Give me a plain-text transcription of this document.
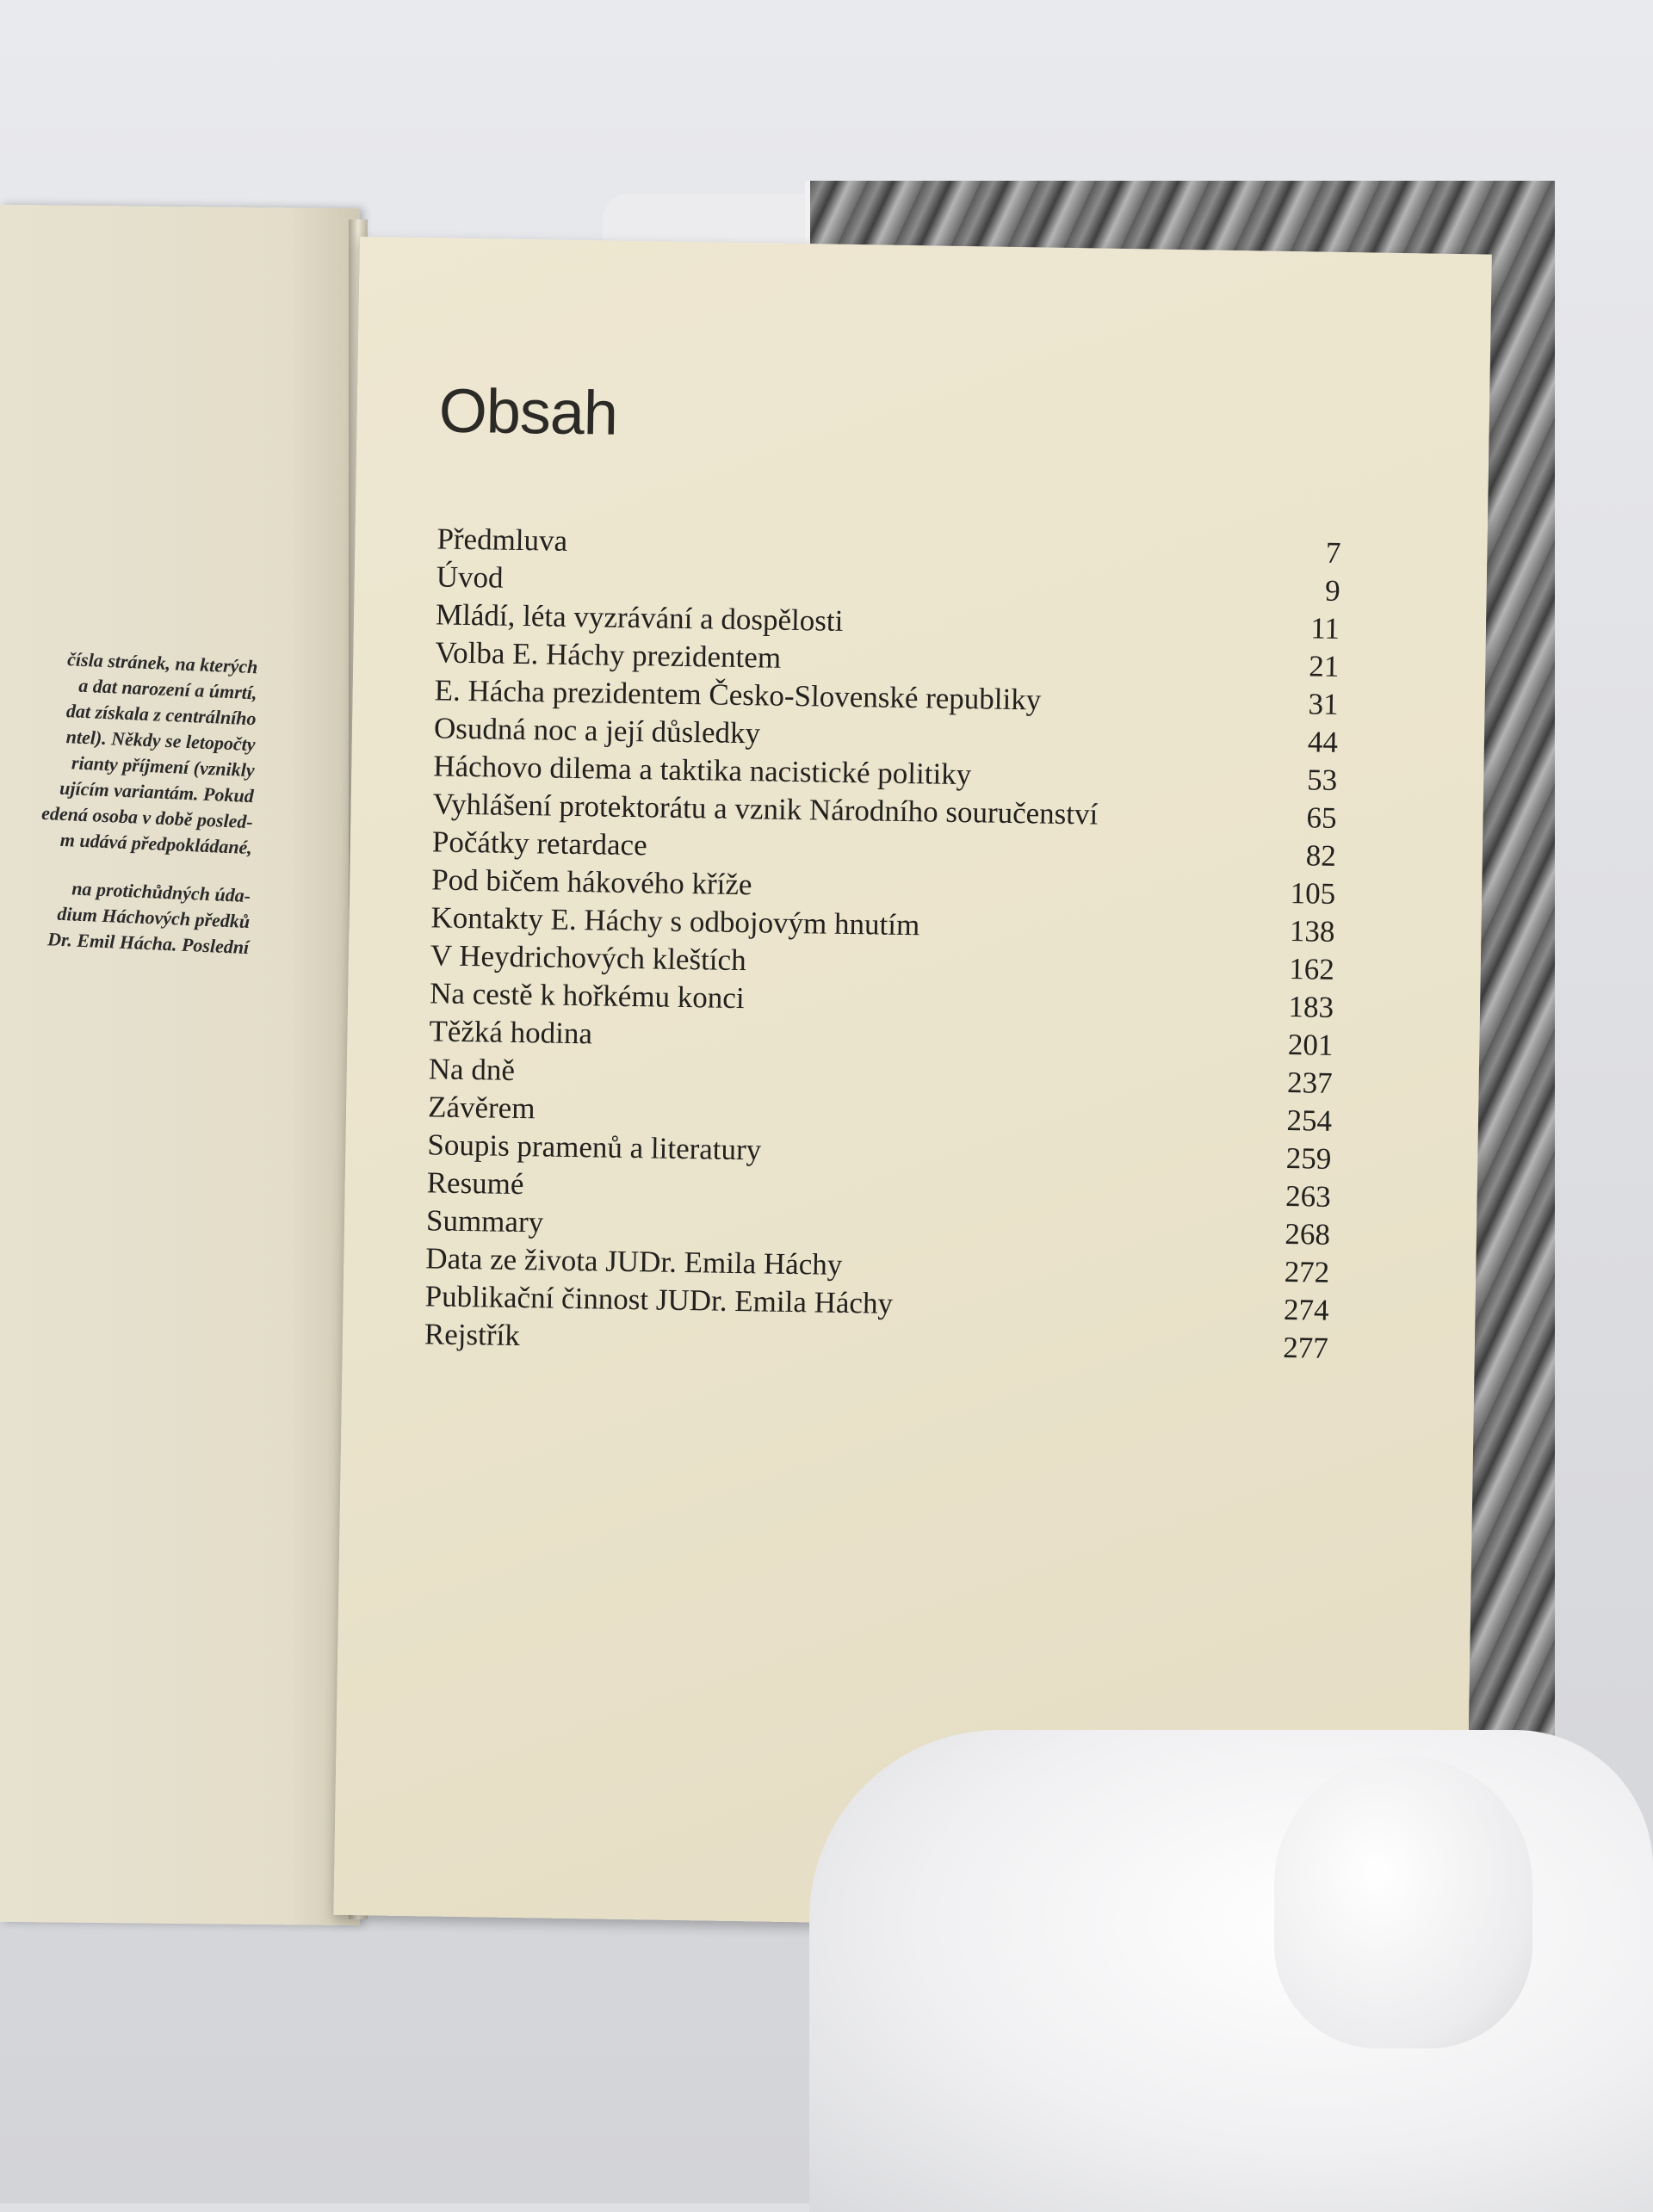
čísla stránek, na kterých
a dat narození a úmrtí,
dat získala z centrálního
ntel). Někdy se letopočty
rianty příjmení (vznikly
ujícím variantám. Pokud
edená osoba v době posled-
m udává předpokládané,

na protichůdných úda-
dium Háchových předků
Dr. Emil Hácha. Poslední

Obsah
Předmluva	7
Úvod	9
Mládí, léta vyzrávání a dospělosti	11
Volba E. Háchy prezidentem	21
E. Hácha prezidentem Česko-Slovenské republiky	31
Osudná noc a její důsledky	44
Háchovo dilema a taktika nacistické politiky	53
Vyhlášení protektorátu a vznik Národního souručenství	65
Počátky retardace	82
Pod bičem hákového kříže	105
Kontakty E. Háchy s odbojovým hnutím	138
V Heydrichových kleštích	162
Na cestě k hořkému konci	183
Těžká hodina	201
Na dně	237
Závěrem	254
Soupis pramenů a literatury	259
Resumé	263
Summary	268
Data ze života JUDr. Emila Háchy	272
Publikační činnost JUDr. Emila Háchy	274
Rejstřík	277
